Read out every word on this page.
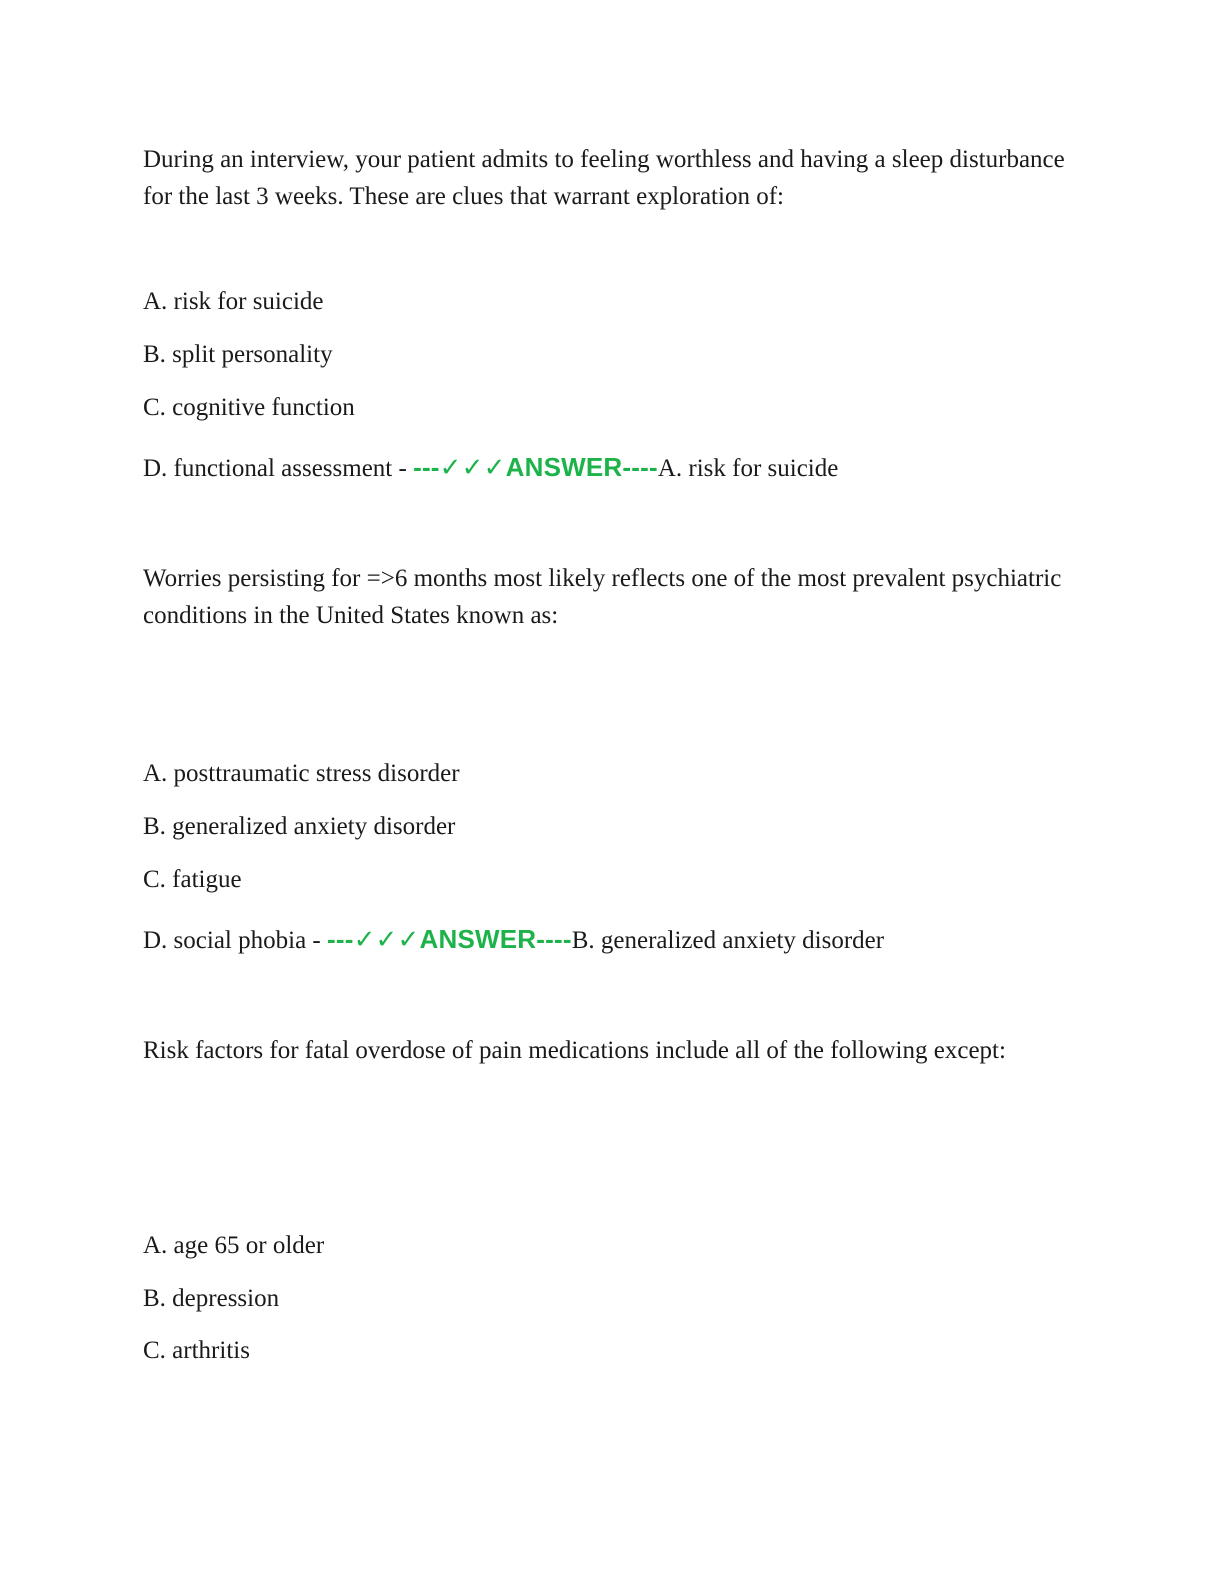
During an interview, your patient admits to feeling worthless and having a sleep disturbance for the last 3 weeks. These are clues that warrant exploration of:
A. risk for suicide
B. split personality
C. cognitive function
D. functional assessment - ---✓✓✓ANSWER----A. risk for suicide
Worries persisting for =>6 months most likely reflects one of the most prevalent psychiatric conditions in the United States known as:
A. posttraumatic stress disorder
B. generalized anxiety disorder
C. fatigue
D. social phobia - ---✓✓✓ANSWER----B. generalized anxiety disorder
Risk factors for fatal overdose of pain medications include all of the following except:
A. age 65 or older
B. depression
C. arthritis
